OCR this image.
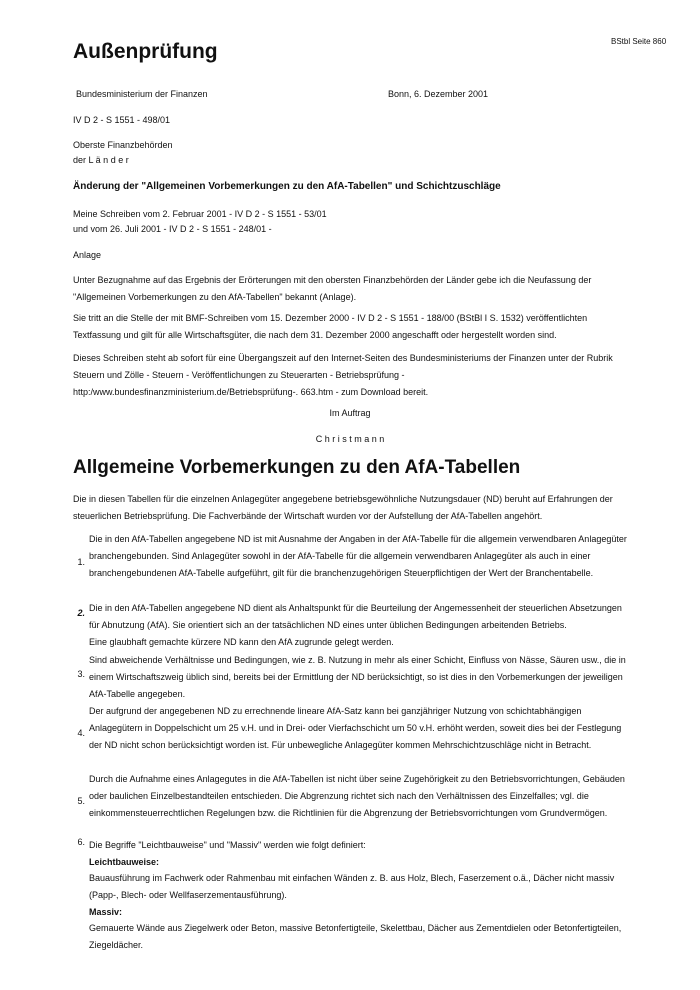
Außenprüfung	BStbl Seite 860
Bundesministerium der Finanzen	Bonn, 6. Dezember 2001
IV D 2 - S 1551 - 498/01
Oberste Finanzbehörden
der L ä n d e r
Änderung der "Allgemeinen Vorbemerkungen zu den AfA-Tabellen" und Schichtzuschläge
Meine Schreiben vom 2. Februar 2001 - IV D 2 - S 1551 - 53/01
und vom 26. Juli 2001 - IV D 2 - S 1551 - 248/01 -
Anlage
Unter Bezugnahme auf das Ergebnis der Erörterungen mit den obersten Finanzbehörden der Länder gebe ich die Neufassung der "Allgemeinen Vorbemerkungen zu den AfA-Tabellen" bekannt (Anlage).
Sie tritt an die Stelle der mit BMF-Schreiben vom 15. Dezember 2000 - IV D 2 - S 1551 - 188/00 (BStBl I S. 1532) veröffentlichten Textfassung und gilt für alle Wirtschaftsgüter, die nach dem 31. Dezember 2000 angeschafft oder hergestellt worden sind.
Dieses Schreiben steht ab sofort für eine Übergangszeit auf den Internet-Seiten des Bundesministeriums der Finanzen unter der Rubrik Steuern und Zölle - Steuern - Veröffentlichungen zu Steuerarten - Betriebsprüfung - http:/www.bundesfinanzministerium.de/Betriebsprüfung-. 663.htm - zum Download bereit.
Im Auftrag
C h r i s t m a n n
Allgemeine Vorbemerkungen zu den AfA-Tabellen
Die in diesen Tabellen für die einzelnen Anlagegüter angegebene betriebsgewöhnliche Nutzungsdauer (ND) beruht auf Erfahrungen der steuerlichen Betriebsprüfung. Die Fachverbände der Wirtschaft wurden vor der Aufstellung der AfA-Tabellen angehört.
1.
Die in den AfA-Tabellen angegebene ND ist mit Ausnahme der Angaben in der AfA-Tabelle für die allgemein verwendbaren Anlagegüter branchengebunden. Sind Anlagegüter sowohl in der AfA-Tabelle für die allgemein verwendbaren Anlagegüter als auch in einer branchengebundenen AfA-Tabelle aufgeführt, gilt für die branchenzugehörigen Steuerpflichtigen der Wert der Branchentabelle.
2. Die in den AfA-Tabellen angegebene ND dient als Anhaltspunkt für die Beurteilung der Angemessenheit der steuerlichen Absetzungen für Abnutzung (AfA). Sie orientiert sich an der tatsächlichen ND eines unter üblichen Bedingungen arbeitenden Betriebs.
Eine glaubhaft gemachte kürzere ND kann den AfA zugrunde gelegt werden.
3.
Sind abweichende Verhältnisse und Bedingungen, wie z. B. Nutzung in mehr als einer Schicht, Einfluss von Nässe, Säuren usw., die in einem Wirtschaftszweig üblich sind, bereits bei der Ermittlung der ND berücksichtigt, so ist dies in den Vorbemerkungen der jeweiligen AfA-Tabelle angegeben.
4.
Der aufgrund der angegebenen ND zu errechnende lineare AfA-Satz kann bei ganzjähriger Nutzung von schichtabhängigen Anlagegütern in Doppelschicht um 25 v.H. und in Drei- oder Vierfachschicht um 50 v.H. erhöht werden, soweit dies bei der Festlegung der ND nicht schon berücksichtigt worden ist. Für unbewegliche Anlagegüter kommen Mehrschichtzuschläge nicht in Betracht.
5.
Durch die Aufnahme eines Anlagegutes in die AfA-Tabellen ist nicht über seine Zugehörigkeit zu den Betriebsvorrichtungen, Gebäuden oder baulichen Einzelbestandteilen entschieden. Die Abgrenzung richtet sich nach den Verhältnissen des Einzelfalles; vgl. die einkommensteuerrechtlichen Regelungen bzw. die Richtlinien für die Abgrenzung der Betriebsvorrichtungen vom Grundvermögen.
6. Die Begriffe "Leichtbauweise" und "Massiv" werden wie folgt definiert:
Leichtbauweise:
Bauausführung im Fachwerk oder Rahmenbau mit einfachen Wänden z. B. aus Holz, Blech, Faserzement o.ä., Dächer nicht massiv (Papp-, Blech- oder Wellfaserzementausführung).
Massiv:
Gemauerte Wände aus Ziegelwerk oder Beton, massive Betonfertigteile, Skelettbau, Dächer aus Zementdielen oder Betonfertigteilen, Ziegeldächer.
